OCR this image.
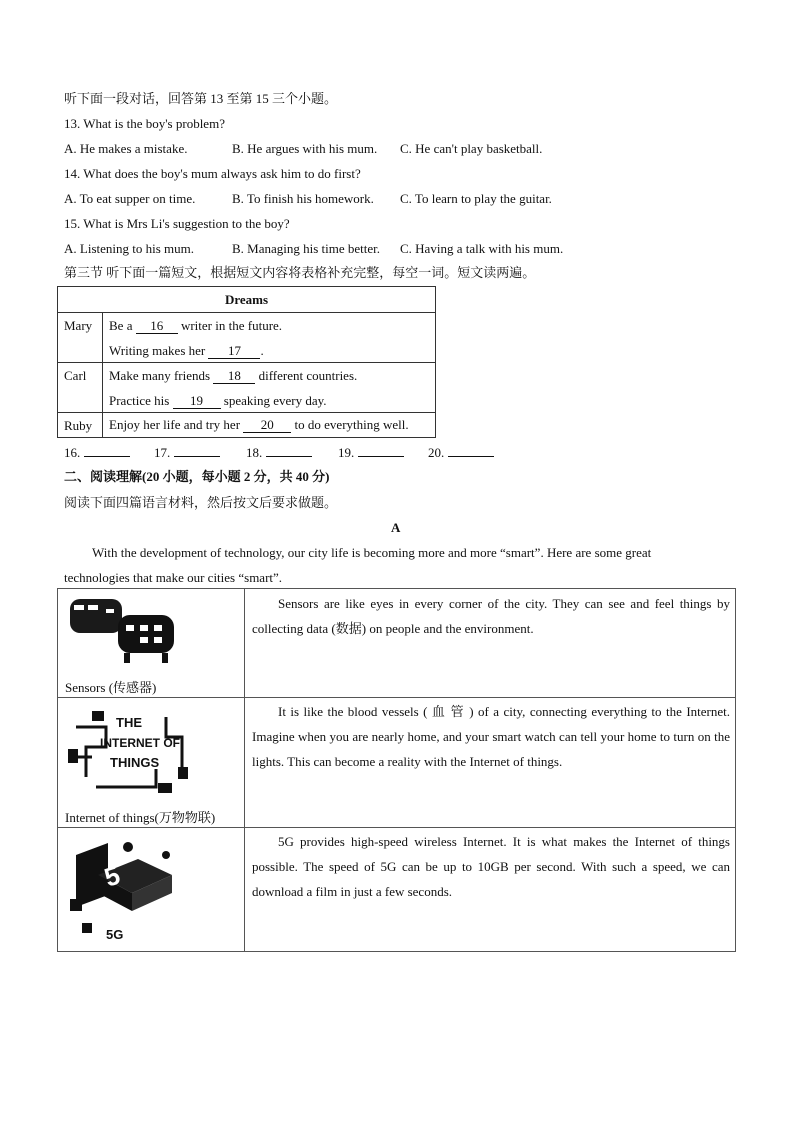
听下面一段对话，回答第 13 至第 15 三个小题。
13. What is the boy's problem?
A. He makes a mistake.	B. He argues with his mum. C. He can't play basketball.
14. What does the boy's mum always ask him to do first?
A. To eat supper on time.	B. To finish his homework. C. To learn to play the guitar.
15. What is Mrs Li's suggestion to the boy?
A. Listening to his mum.	B. Managing his time better. C. Having a talk with his mum.
第三节 听下面一篇短文，根据短文内容将表格补充完整，每空一词。短文读两遍。
Dreams
Mary Be a 16 writer in the future.
Writing makes her 17 .
Carl Make many friends 18 different countries.
Practice his 19 speaking every day.
Ruby Enjoy her life and try her 20 to do everything well.
16.	17.	18.	19.	20.
二、阅读理解(20 小题，每小题 2 分，共 40 分)
阅读下面四篇语言材料，然后按文后要求做题。
A
With the development of technology, our city life is becoming more and more “smart”. Here are some great
technologies that make our cities “smart”.
Sensors (传感器)
Sensors are like eyes in every corner of the city. They can see and feel things by collecting data (数据) on people and the environment.
THE INTERNET OF THINGS
THE
INTERNET OF
THINGS
Internet of things(万物物联)
It is like the blood vessels ( 血 管 ) of a city, connecting everything to the Internet. Imagine when you are nearly home, and your smart watch can tell your home to turn on the lights. This can become a reality with the Internet of things.
5
5G
5G provides high-speed wireless Internet. It is what makes the Internet of things possible. The speed of 5G can be up to 10GB per second. With such a speed, we can download a film in just a few seconds.
